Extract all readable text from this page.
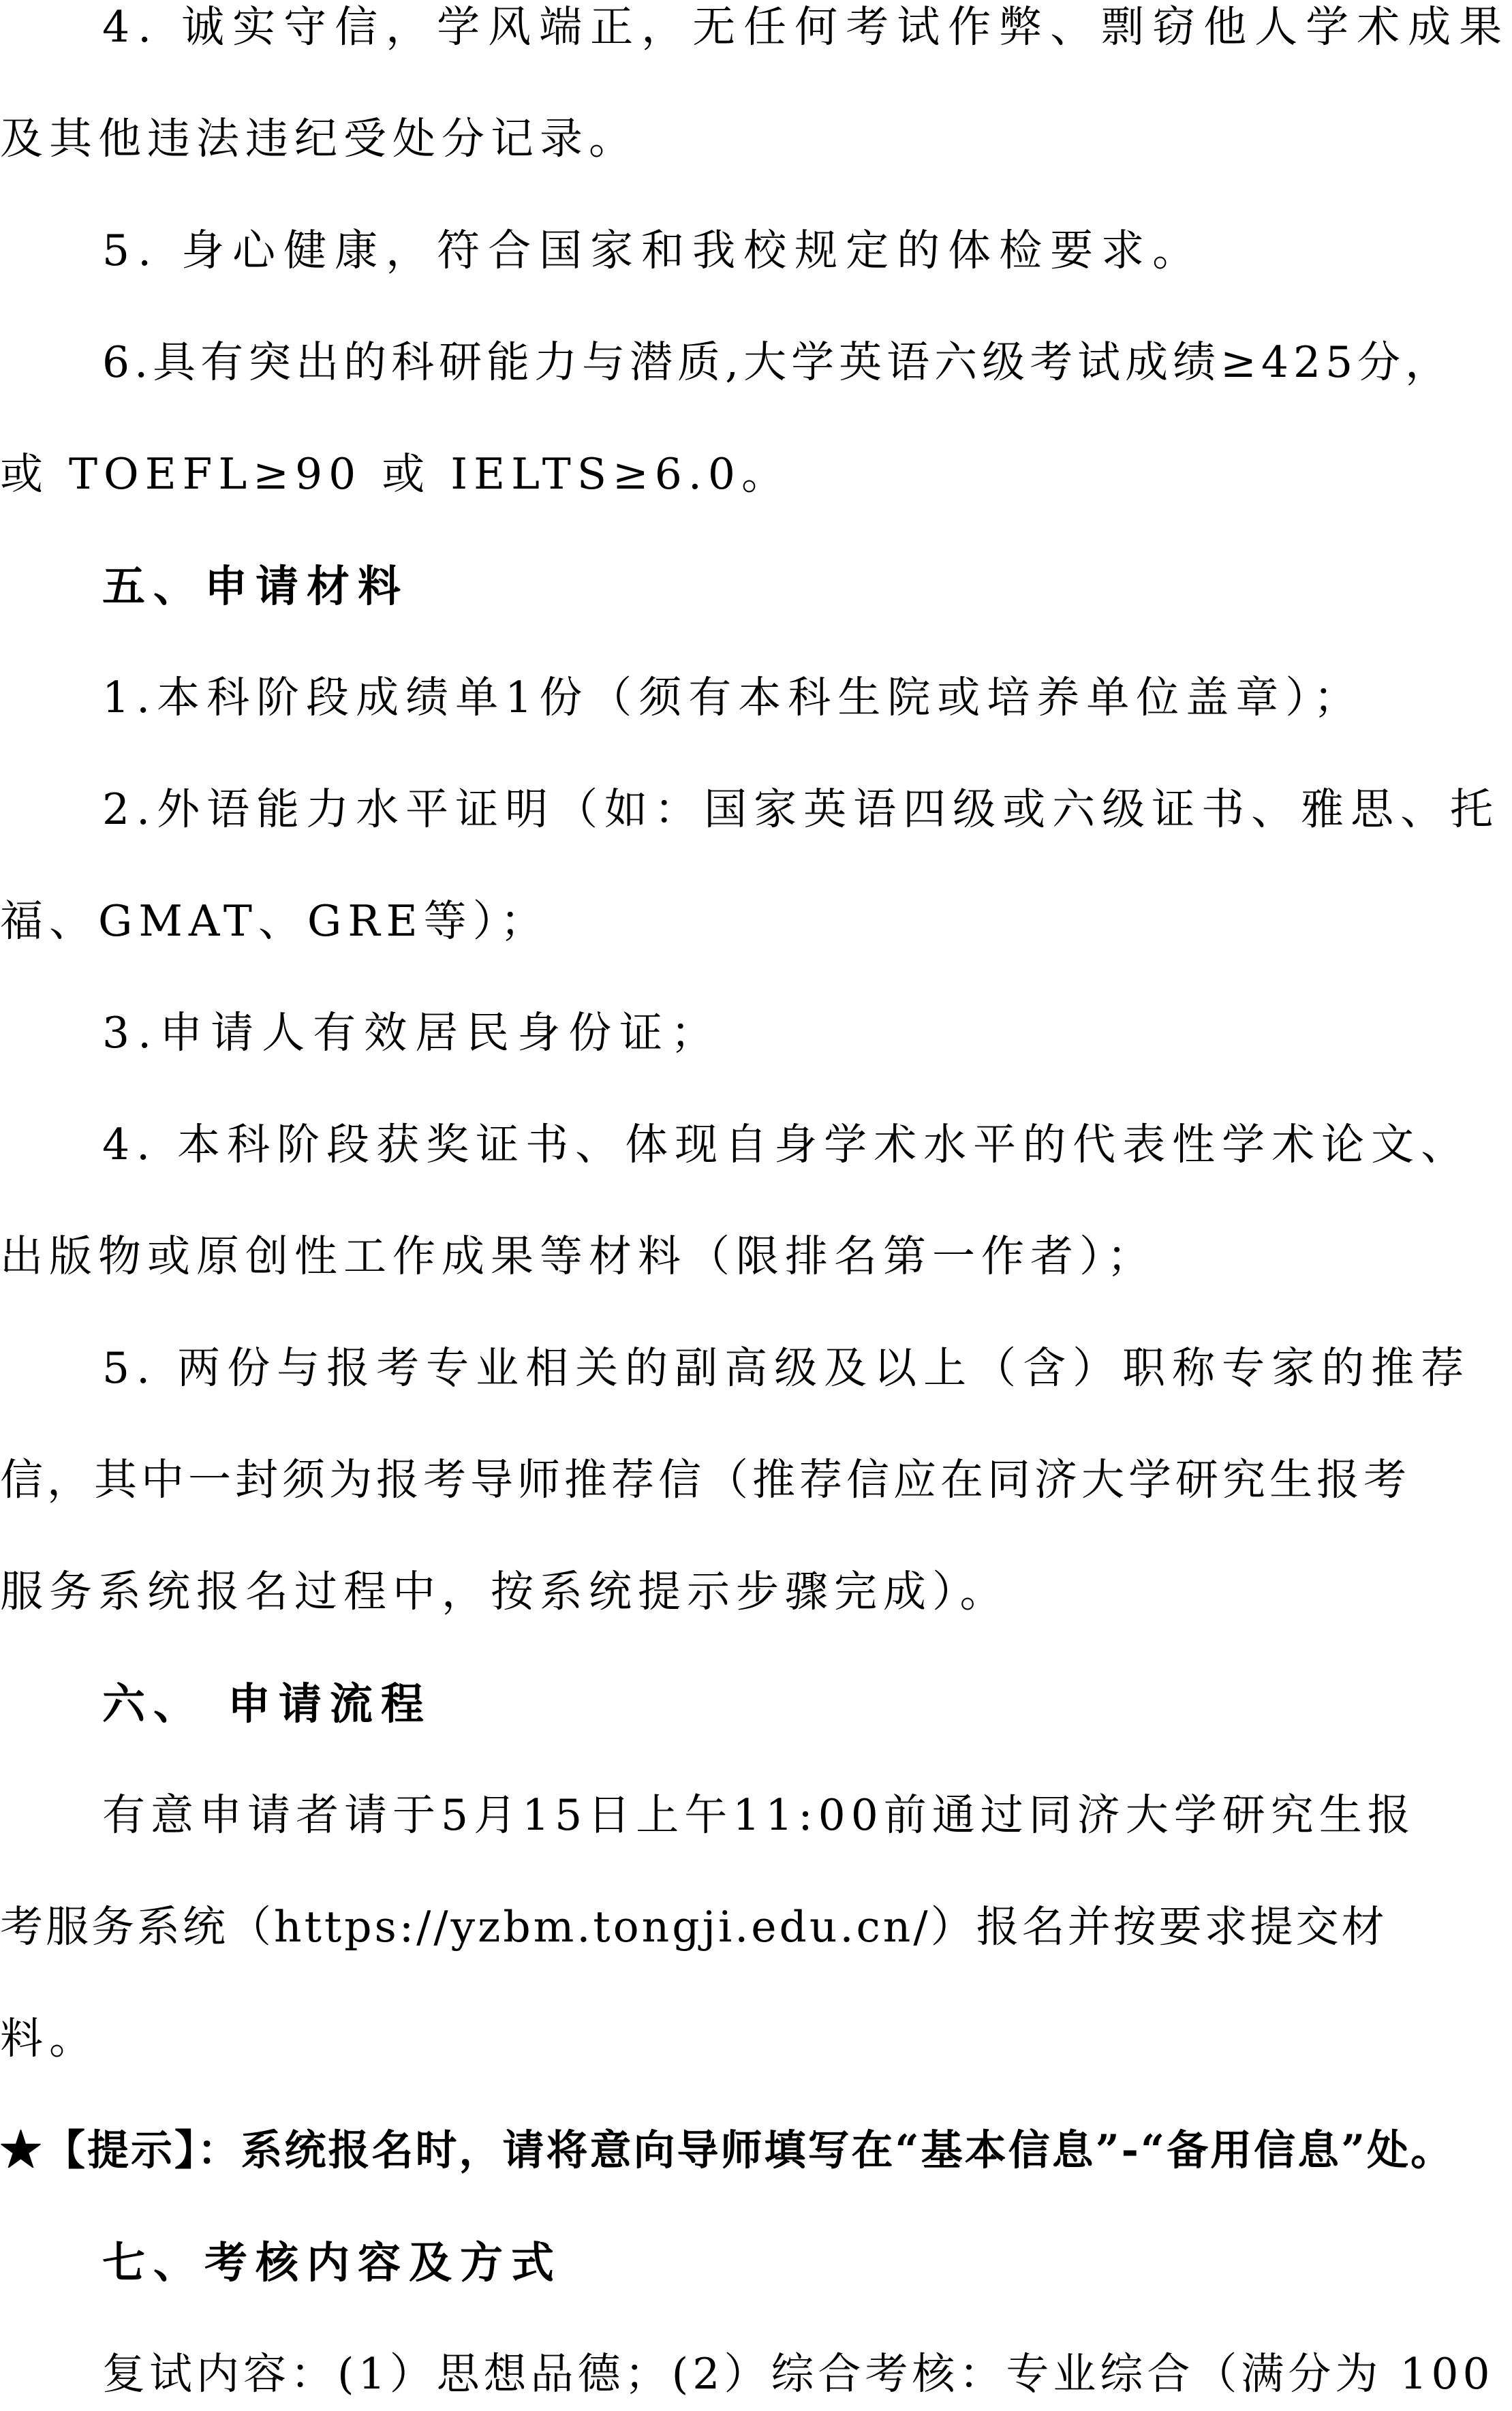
4. 诚实守信，学风端正，无任何考试作弊、剽窃他人学术成果
及其他违法违纪受处分记录。
5. 身心健康，符合国家和我校规定的体检要求。
6.具有突出的科研能力与潜质,大学英语六级考试成绩≥425分，
或 TOEFL≥90 或 IELTS≥6.0。
五、申请材料
1.本科阶段成绩单1份（须有本科生院或培养单位盖章）；
2.外语能力水平证明（如：国家英语四级或六级证书、雅思、托
福、GMAT、GRE等）；
3.申请人有效居民身份证；
4. 本科阶段获奖证书、体现自身学术水平的代表性学术论文、
出版物或原创性工作成果等材料（限排名第一作者）；
5. 两份与报考专业相关的副高级及以上（含）职称专家的推荐
信，其中一封须为报考导师推荐信（推荐信应在同济大学研究生报考
服务系统报名过程中，按系统提示步骤完成）。
六、 申请流程
有意申请者请于5月15日上午11:00前通过同济大学研究生报
考服务系统（https://yzbm.tongji.edu.cn/）报名并按要求提交材
料。
★【提示】：系统报名时，请将意向导师填写在“基本信息”-“备用信息”处。
七、考核内容及方式
复试内容：(1）思想品德；(2）综合考核：专业综合（满分为 100
